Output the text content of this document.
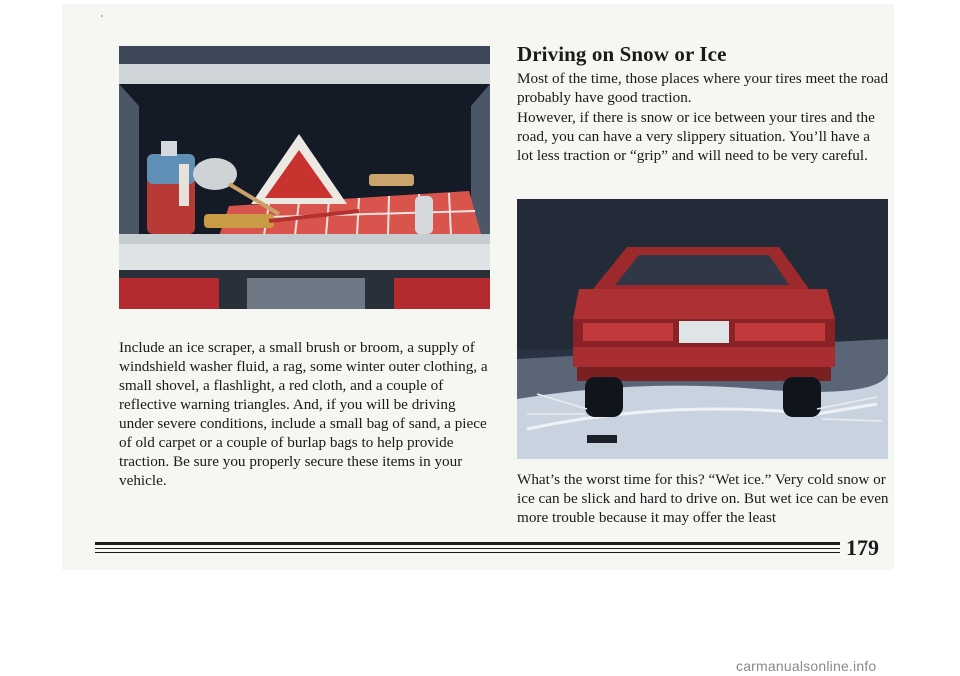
Driving on Snow or Ice

Most of the time, those places where your tires meet the road probably have good traction.

However, if there is snow or ice between your tires and the road, you can have a very slippery situation. You’ll have a lot less traction or “grip” and will need to be very careful.

Include an ice scraper, a small brush or broom, a supply of windshield washer fluid, a rag, some winter outer clothing, a small shovel, a flashlight, a red cloth, and a couple of reflective warning triangles. And, if you will be driving under severe conditions, include a small bag of sand, a piece of old carpet or a couple of burlap bags to help provide traction. Be sure you properly secure these items in your vehicle.	What’s the worst time for this? “Wet ice.” Very cold snow or ice can be slick and hard to drive on. But wet ice can be even more trouble because it may offer the least

179

carmanualsonline.info
